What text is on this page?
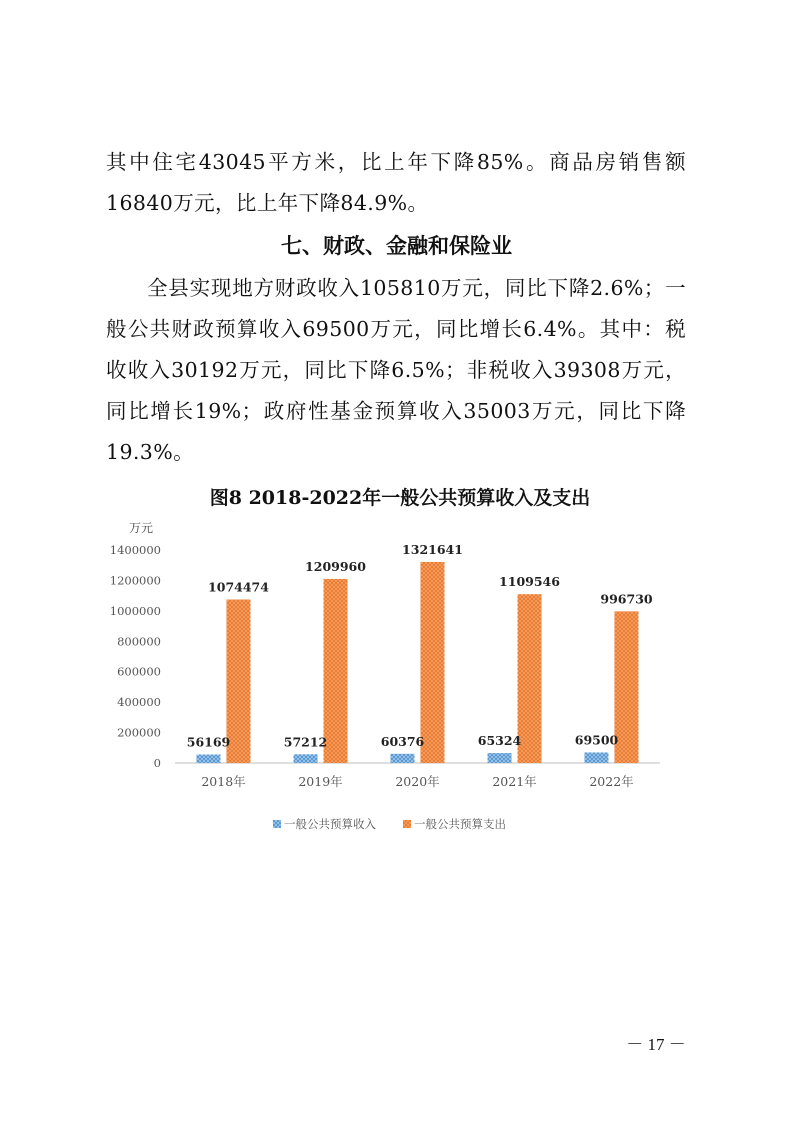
其中住宅43045平方米，比上年下降85%。商品房销售额16840万元，比上年下降84.9%。

七、财政、金融和保险业

全县实现地方财政收入105810万元，同比下降2.6%；一般公共财政预算收入69500万元，同比增长6.4%。其中：税收收入30192万元，同比下降6.5%；非税收入39308万元，同比增长19%；政府性基金预算收入35003万元，同比下降19.3%。

图8 2018-2022年一般公共预算收入及支出
万元
0
200000
400000
600000
800000
1000000
1200000
1400000
2018年	2019年	2020年	2021年	2022年
56169
1074474
57212
1209960
60376
1321641
65324
1109546
69500
996730
一般公共预算收入	一般公共预算支出
－ 17 －
